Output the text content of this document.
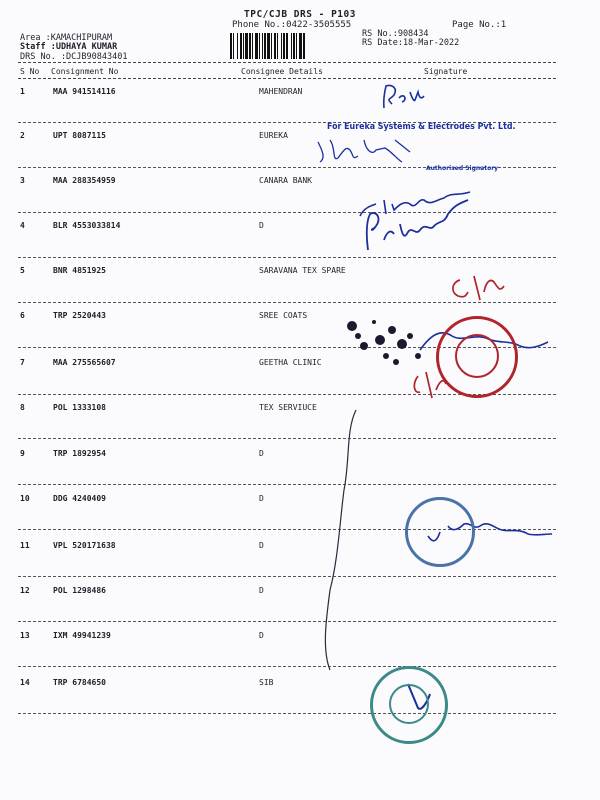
TPC/CJB DRS - P103
Phone No.:0422-3505555	Page No.:1
RS No.:908434
RS Date:18-Mar-2022
Area :KAMACHIPURAM
Staff :UDHAYA KUMAR
DRS No. :DCJB90843401
S No Consignment No	Consignee Details	Signature
1	MAA 941514116	MAHENDRAN
2	UPT 8087115	EUREKA
3	MAA 288354959	CANARA BANK
4	BLR 4553033814	D
5	BNR 4851925	SARAVANA TEX SPARE
6	TRP 2520443	SREE COATS
7	MAA 275565607	GEETHA CLINIC
8	POL 1333108	TEX SERVIUCE
9	TRP 1892954	D
10	DDG 4240409	D
11	VPL 520171638	D
12	POL 1298486	D
13	IXM 49941239	D
14	TRP 6784650	SIB
For Eureka Systems & Electrodes Pvt. Ltd.
Authorised Signatory
